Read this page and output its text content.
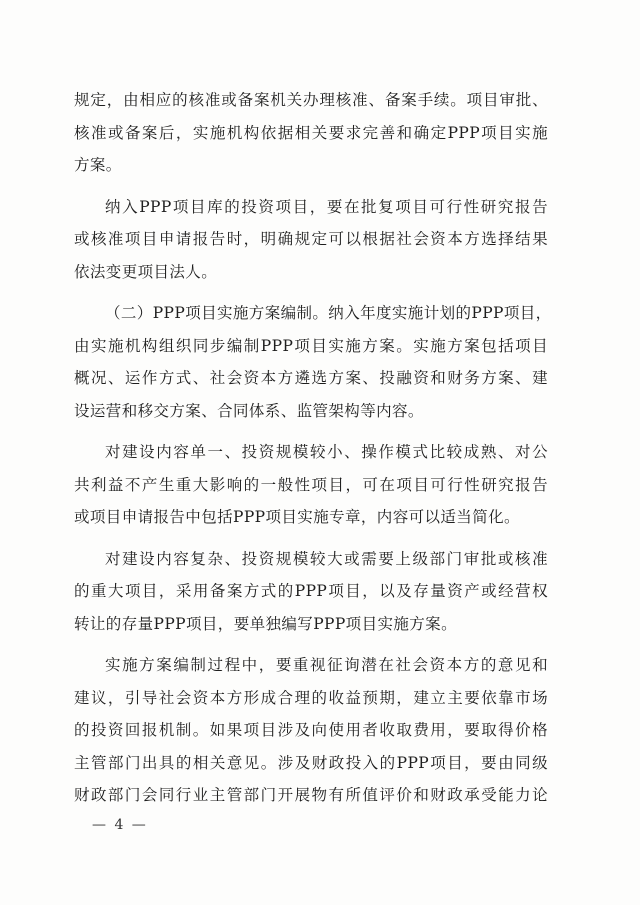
规定，由相应的核准或备案机关办理核准、备案手续。项目审批、
核准或备案后，实施机构依据相关要求完善和确定PPP项目实施
方案。
纳入PPP项目库的投资项目，要在批复项目可行性研究报告
或核准项目申请报告时，明确规定可以根据社会资本方选择结果
依法变更项目法人。
（二）PPP项目实施方案编制。纳入年度实施计划的PPP项目，
由实施机构组织同步编制PPP项目实施方案。实施方案包括项目
概况、运作方式、社会资本方遴选方案、投融资和财务方案、建
设运营和移交方案、合同体系、监管架构等内容。
对建设内容单一、投资规模较小、操作模式比较成熟、对公
共利益不产生重大影响的一般性项目，可在项目可行性研究报告
或项目申请报告中包括PPP项目实施专章，内容可以适当简化。
对建设内容复杂、投资规模较大或需要上级部门审批或核准
的重大项目，采用备案方式的PPP项目，以及存量资产或经营权
转让的存量PPP项目，要单独编写PPP项目实施方案。
实施方案编制过程中，要重视征询潜在社会资本方的意见和
建议，引导社会资本方形成合理的收益预期，建立主要依靠市场
的投资回报机制。如果项目涉及向使用者收取费用，要取得价格
主管部门出具的相关意见。涉及财政投入的PPP项目，要由同级
财政部门会同行业主管部门开展物有所值评价和财政承受能力论
— 4 —
